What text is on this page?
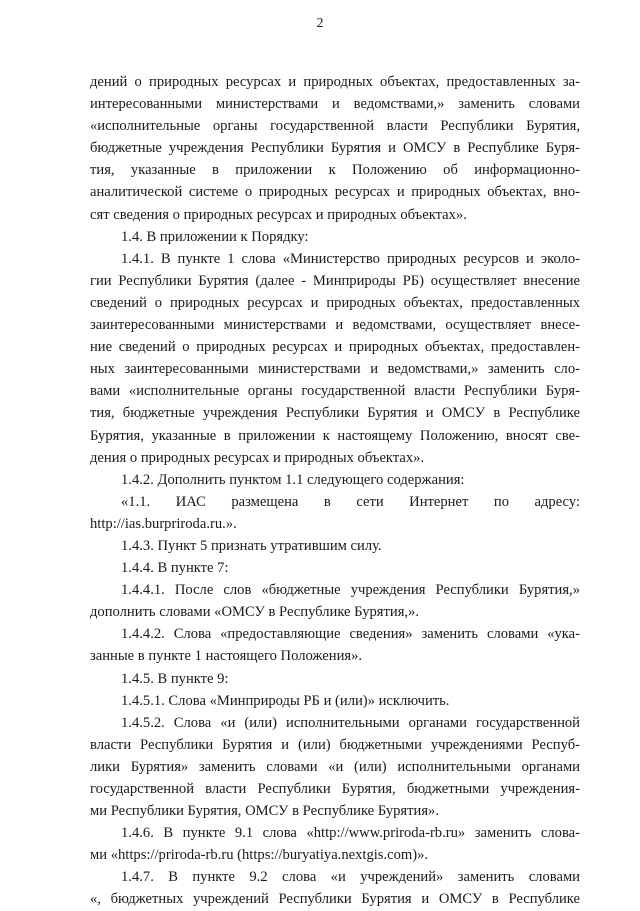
2
дений о природных ресурсах и природных объектах, предоставленных за-
интересованными министерствами и ведомствами,» заменить словами
«исполнительные органы государственной власти Республики Бурятия,
бюджетные учреждения Республики Бурятия и ОМСУ в Республике Буря-
тия, указанные в приложении к Положению об информационно-
аналитической системе о природных ресурсах и природных объектах, вно-
сят сведения о природных ресурсах и природных объектах».
1.4. В приложении к Порядку:
1.4.1. В пункте 1 слова «Министерство природных ресурсов и эколо-
гии Республики Бурятия (далее - Минприроды РБ) осуществляет внесение
сведений о природных ресурсах и природных объектах, предоставленных
заинтересованными министерствами и ведомствами, осуществляет внесе-
ние сведений о природных ресурсах и природных объектах, предоставлен-
ных заинтересованными министерствами и ведомствами,» заменить сло-
вами «исполнительные органы государственной власти Республики Буря-
тия, бюджетные учреждения Республики Бурятия и ОМСУ в Республике
Бурятия, указанные в приложении к настоящему Положению, вносят све-
дения о природных ресурсах и природных объектах».
1.4.2. Дополнить пунктом 1.1 следующего содержания:
«1.1. ИАС размещена в сети Интернет по адресу:
http://ias.burpriroda.ru.».
1.4.3. Пункт 5 признать утратившим силу.
1.4.4. В пункте 7:
1.4.4.1. После слов «бюджетные учреждения Республики Бурятия,»
дополнить словами «ОМСУ в Республике Бурятия,».
1.4.4.2. Слова «предоставляющие сведения» заменить словами «ука-
занные в пункте 1 настоящего Положения».
1.4.5. В пункте 9:
1.4.5.1. Слова «Минприроды РБ и (или)» исключить.
1.4.5.2. Слова «и (или) исполнительными органами государственной
власти Республики Бурятия и (или) бюджетными учреждениями Респуб-
лики Бурятия» заменить словами «и (или) исполнительными органами
государственной власти Республики Бурятия, бюджетными учреждения-
ми Республики Бурятия, ОМСУ в Республике Бурятия».
1.4.6. В пункте 9.1 слова «http://www.priroda-rb.ru» заменить слова-
ми «https://priroda-rb.ru (https://buryatiya.nextgis.com)».
1.4.7. В пункте 9.2 слова «и учреждений» заменить словами
«, бюджетных учреждений Республики Бурятия и ОМСУ в Республике
